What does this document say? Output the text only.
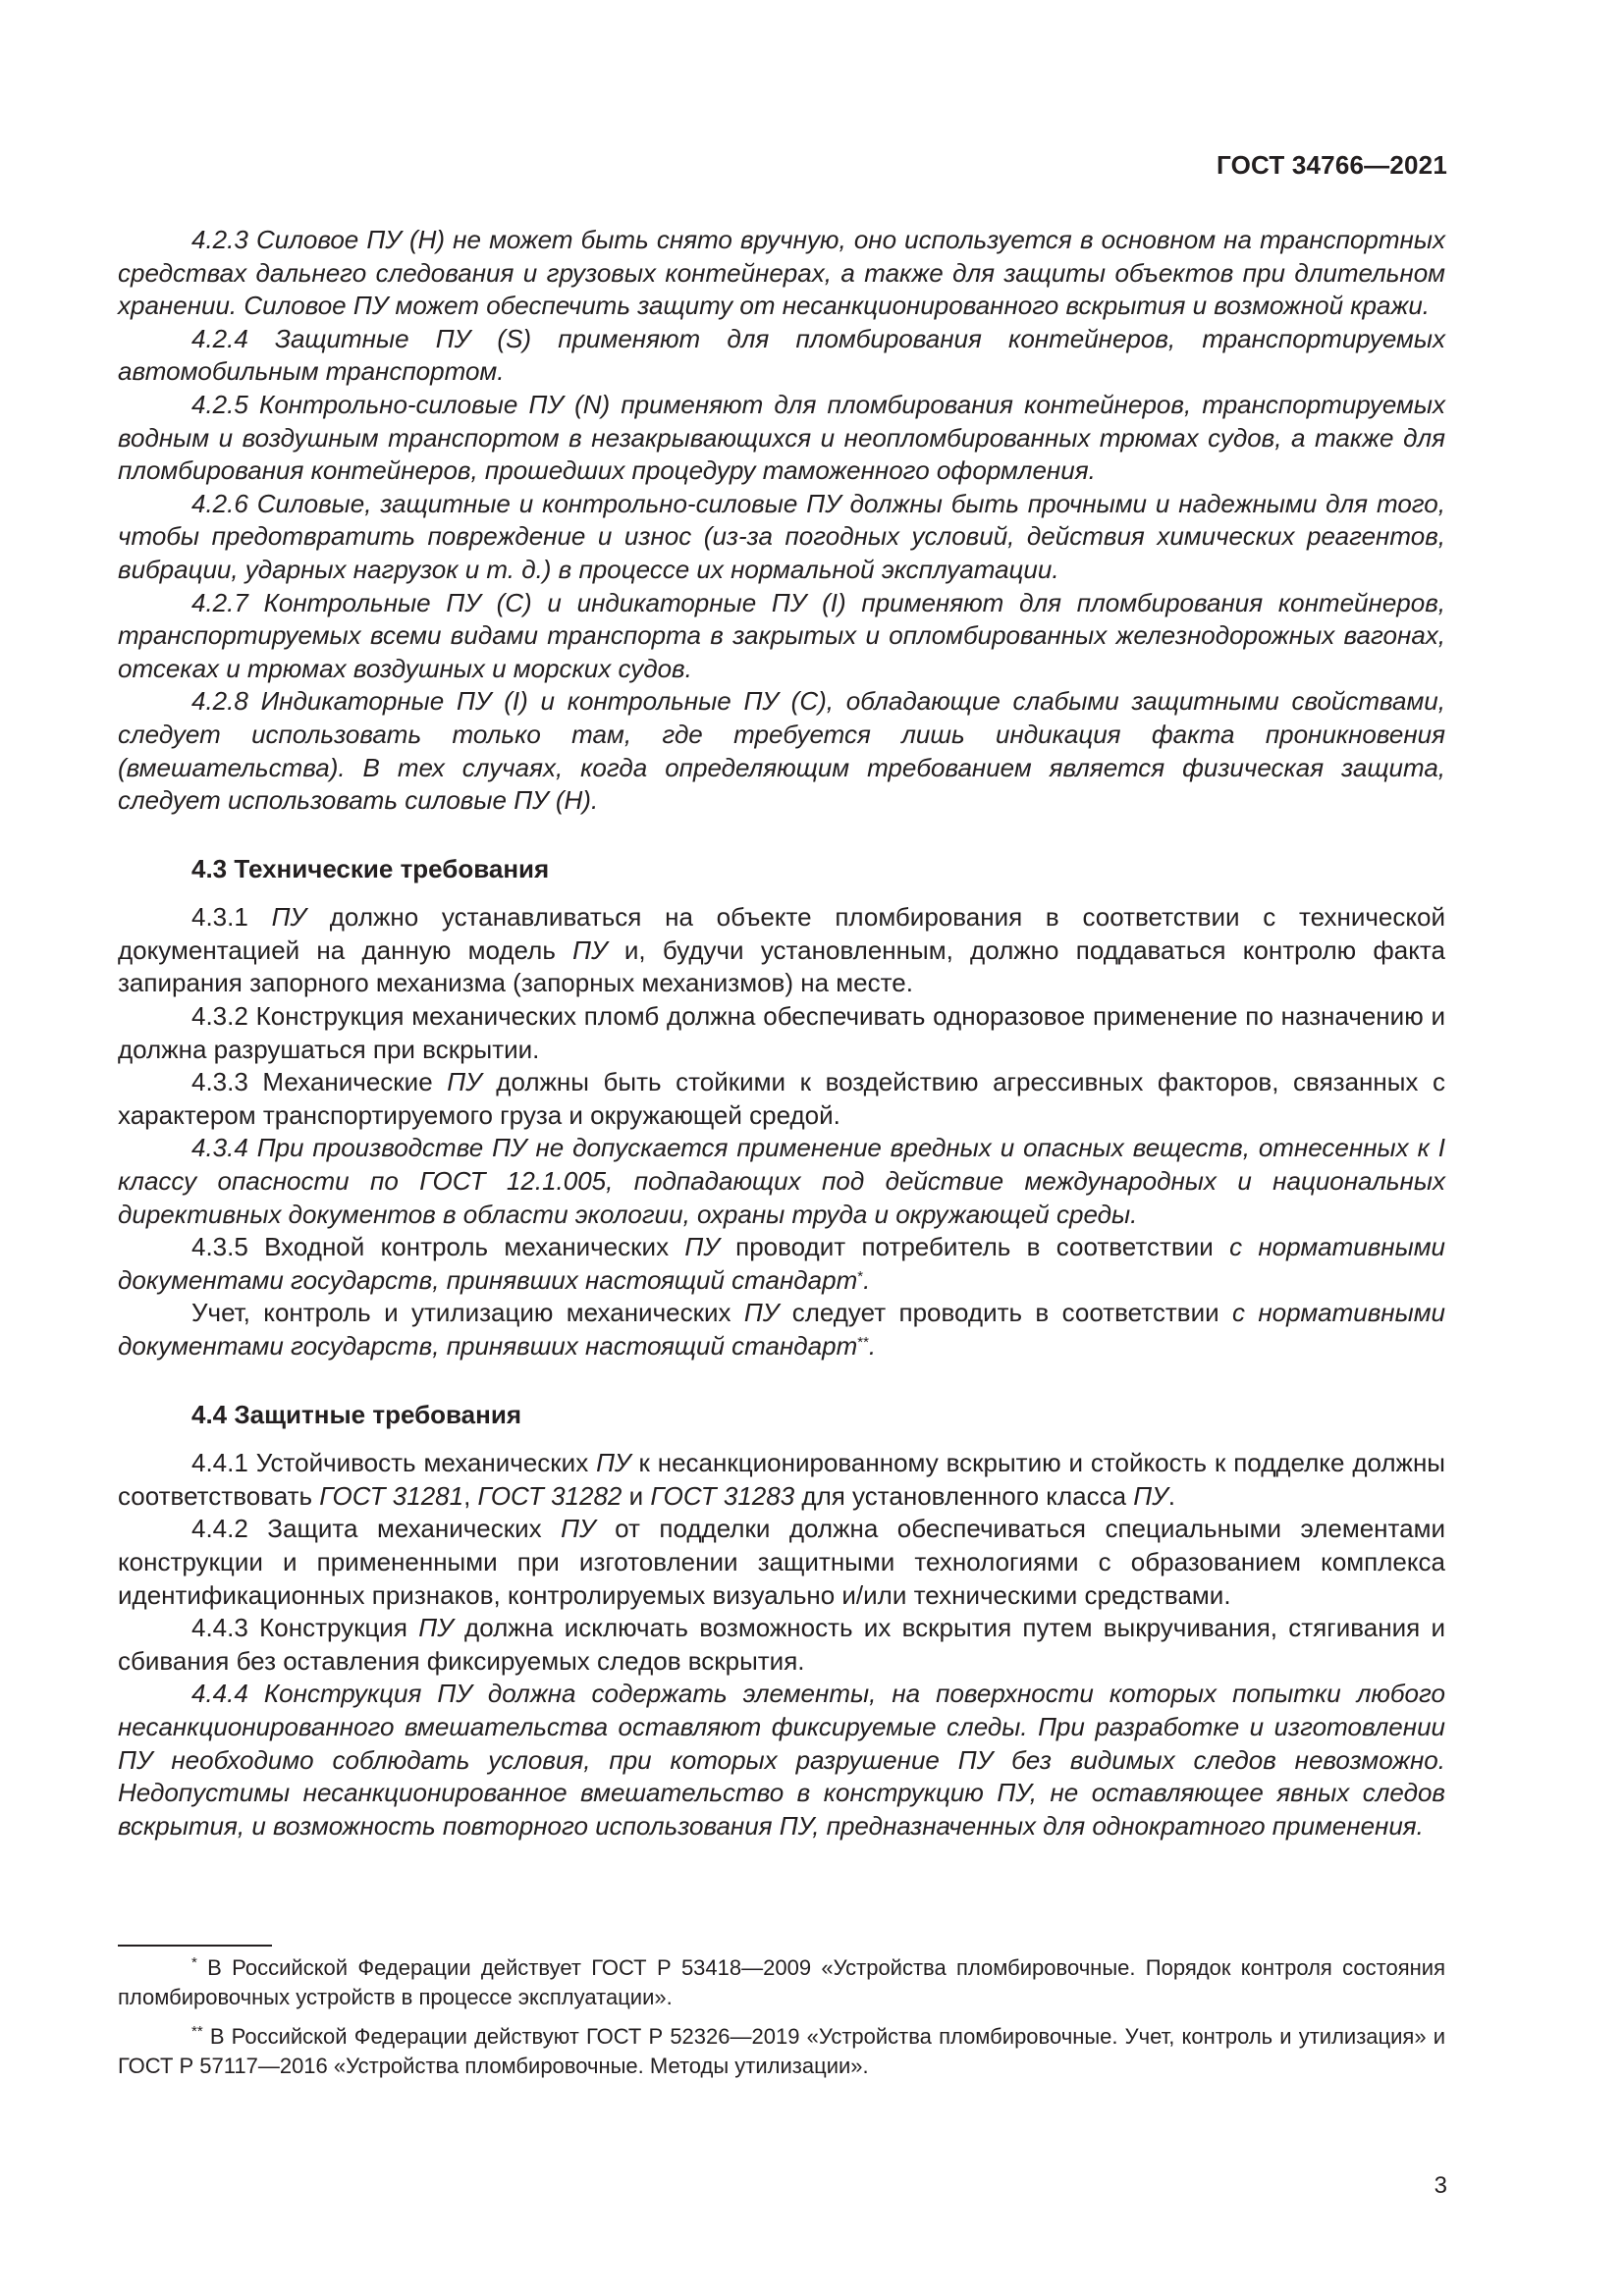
ГОСТ 34766—2021

4.2.3 Силовое ПУ (Н) не может быть снято вручную, оно используется в основном на транспортных средствах дальнего следования и грузовых контейнерах, а также для защиты объектов при длительном хранении. Силовое ПУ может обеспечить защиту от несанкционированного вскрытия и возможной кражи.

4.2.4 Защитные ПУ (S) применяют для пломбирования контейнеров, транспортируемых автомобильным транспортом.

4.2.5 Контрольно-силовые ПУ (N) применяют для пломбирования контейнеров, транспортируемых водным и воздушным транспортом в незакрывающихся и неопломбированных трюмах судов, а также для пломбирования контейнеров, прошедших процедуру таможенного оформления.

4.2.6 Силовые, защитные и контрольно-силовые ПУ должны быть прочными и надежными для того, чтобы предотвратить повреждение и износ (из-за погодных условий, действия химических реагентов, вибрации, ударных нагрузок и т. д.) в процессе их нормальной эксплуатации.

4.2.7 Контрольные ПУ (С) и индикаторные ПУ (I) применяют для пломбирования контейнеров, транспортируемых всеми видами транспорта в закрытых и опломбированных железнодорожных вагонах, отсеках и трюмах воздушных и морских судов.

4.2.8 Индикаторные ПУ (I) и контрольные ПУ (С), обладающие слабыми защитными свойствами, следует использовать только там, где требуется лишь индикация факта проникновения (вмешательства). В тех случаях, когда определяющим требованием является физическая защита, следует использовать силовые ПУ (Н).

4.3 Технические требования

4.3.1 ПУ должно устанавливаться на объекте пломбирования в соответствии с технической документацией на данную модель ПУ и, будучи установленным, должно поддаваться контролю факта запирания запорного механизма (запорных механизмов) на месте.

4.3.2 Конструкция механических пломб должна обеспечивать одноразовое применение по назначению и должна разрушаться при вскрытии.

4.3.3 Механические ПУ должны быть стойкими к воздействию агрессивных факторов, связанных с характером транспортируемого груза и окружающей средой.

4.3.4 При производстве ПУ не допускается применение вредных и опасных веществ, отнесенных к I классу опасности по ГОСТ 12.1.005, подпадающих под действие международных и национальных директивных документов в области экологии, охраны труда и окружающей среды.

4.3.5 Входной контроль механических ПУ проводит потребитель в соответствии с нормативными документами государств, принявших настоящий стандарт*.

Учет, контроль и утилизацию механических ПУ следует проводить в соответствии с нормативными документами государств, принявших настоящий стандарт**.

4.4 Защитные требования

4.4.1 Устойчивость механических ПУ к несанкционированному вскрытию и стойкость к подделке должны соответствовать ГОСТ 31281, ГОСТ 31282 и ГОСТ 31283 для установленного класса ПУ.

4.4.2 Защита механических ПУ от подделки должна обеспечиваться специальными элементами конструкции и примененными при изготовлении защитными технологиями с образованием комплекса идентификационных признаков, контролируемых визуально и/или техническими средствами.

4.4.3 Конструкция ПУ должна исключать возможность их вскрытия путем выкручивания, стягивания и сбивания без оставления фиксируемых следов вскрытия.

4.4.4 Конструкция ПУ должна содержать элементы, на поверхности которых попытки любого несанкционированного вмешательства оставляют фиксируемые следы. При разработке и изготовлении ПУ необходимо соблюдать условия, при которых разрушение ПУ без видимых следов невозможно. Недопустимы несанкционированное вмешательство в конструкцию ПУ, не оставляющее явных следов вскрытия, и возможность повторного использования ПУ, предназначенных для однократного применения.

* В Российской Федерации действует ГОСТ Р 53418—2009 «Устройства пломбировочные. Порядок контроля состояния пломбировочных устройств в процессе эксплуатации».

** В Российской Федерации действуют ГОСТ Р 52326—2019 «Устройства пломбировочные. Учет, контроль и утилизация» и ГОСТ Р 57117—2016 «Устройства пломбировочные. Методы утилизации».

3
